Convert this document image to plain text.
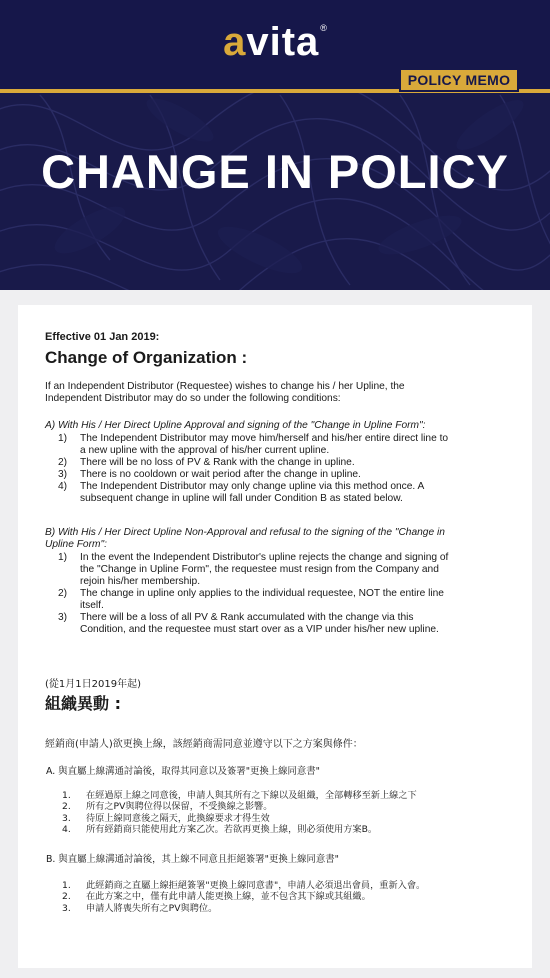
avita®
POLICY MEMO
CHANGE IN POLICY
Effective 01 Jan 2019:
Change of Organization :
If an Independent Distributor (Requestee) wishes to change his / her Upline, the
Independent Distributor may do so under the following conditions:
A) With His / Her Direct Upline Approval and signing of the "Change in Upline Form":
1) The Independent Distributor may move him/herself and his/her entire direct line to
a new upline with the approval of his/her current upline.
2) There will be no loss of PV & Rank with the change in upline.
3) There is no cooldown or wait period after the change in upline.
4) The Independent Distributor may only change upline via this method once. A
subsequent change in upline will fall under Condition B as stated below.
B) With His / Her Direct Upline Non-Approval and refusal to the signing of the "Change in
Upline Form":
1) In the event the Independent Distributor's upline rejects the change and signing of
the "Change in Upline Form", the requestee must resign from the Company and
rejoin his/her membership.
2) The change in upline only applies to the individual requestee, NOT the entire line
itself.
3) There will be a loss of all PV & Rank accumulated with the change via this
Condition, and the requestee must start over as a VIP under his/her new upline.
(從1月1日2019年起)
組織異動 :
經銷商(申請人)欲更換上線，該經銷商需同意並遵守以下之方案與條件：
A. 與直屬上線溝通討論後，取得其同意以及簽署"更換上線同意書"
1. 在經過原上線之同意後，申請人與其所有之下線以及組織，全部轉移至新上線之下
2. 所有之PV與聘位得以保留，不受換線之影響。
3. 待原上線同意後之隔天，此換線要求才得生效
4. 所有經銷商只能使用此方案乙次。若欲再更換上線，則必須使用方案B。
B. 與直屬上線溝通討論後，其上線不同意且拒絕簽署"更換上線同意書"
1. 此經銷商之直屬上線拒絕簽署"更換上線同意書"，申請人必須退出會員，重新入會。
2. 在此方案之中，僅有此申請人能更換上線，並不包含其下線或其組織。
3. 申請人將喪失所有之PV與聘位。
